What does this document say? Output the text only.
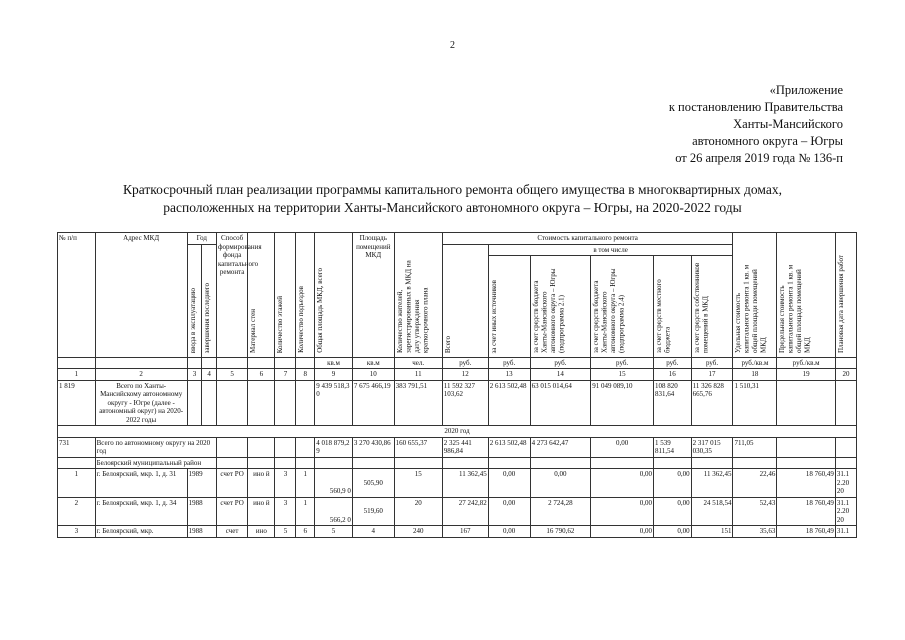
2
«Приложение
к постановлению Правительства
Ханты-Мансийского
автономного округа – Югры
от 26 апреля 2019 года № 136-п
Краткосрочный план реализации программы капитального ремонта общего имущества в многоквартирных домах,
расположенных на территории Ханты-Мансийского автономного округа – Югры, на 2020-2022 годы
№ п/п	Адрес МКД	Год		Способ формирования фонда капитального ремонта	Материал стен	Количество этажей	Количество подъездов	Общая площадь МКД, всего	Площадь помещений МКД	Количество жителей, зарегистрированных в МКД на дату утверждения краткосрочного плана	Стоимость капитального ремонта						Удельная стоимость капитального ремонта 1 кв. м общей площади помещений МКД	Предельная стоимость капитального ремонта 1 кв. м общей площади помещений МКД	Плановая дата завершения работ
		ввода в эксплуатацию	завершения последнего								Всего	в том числе							
												за счет иных источников	за счет средств бюджета Ханты-Мансийского автономного округа – Югры (подпрограмма 2.1)	за счет средств бюджета Ханты-Мансийского автономного округа – Югры (подпрограмма 2.4)	за счет средств местного бюджета	за счет средств собственников помещений в МКД			
								кв.м	кв.м	чел.	руб.	руб.	руб.	руб.	руб.	руб.	руб./кв.м	руб./кв.м	
1	2	3	4	5	6	7	8	9	10	11	12	13	14	15	16	17	18	19	20
1 819	Всего по Ханты-Мансийскому автономному округу - Югре (далее - автономный округ) на 2020-2022 годы							9 439 518,3 0	7 675 466,19	383 791,51	11 592 327 103,62	2 613 502,48	63 015 014,64	91 049 089,10	108 820 831,64	11 326 828 665,76	1 510,31		
2020 год																			
731	Всего по автономному округу на 2020 год							4 018 879,2 9	3 270 430,86	160 655,37	2 325 441 986,84	2 613 502,48	4 273 642,47	0,00	1 539 811,54	2 317 015 030,35	711,05		
	Белоярский муниципальный район																		
1	г. Белоярский, мкр. 1, д. 31	1989		счет РО	ино й	3	1	560,9 0	505,90	15	11 362,45	0,00	0,00	0,00	0,00	11 362,45	22,46	18 760,49	31.1 2.20 20
2	г. Белоярский, мкр. 1, д. 34	1988		счет РО	ино й	3	1	566,2 0	519,60	20	27 242,82	0,00	2 724,28	0,00	0,00	24 518,54	52,43	18 760,49	31.1 2.20 20
3	г. Белоярский, мкр.	1988		счет	ино	5	6	5	4	240	167	0,00	16 790,62	0,00	0,00	151	35,63	18 760,49	31.1
